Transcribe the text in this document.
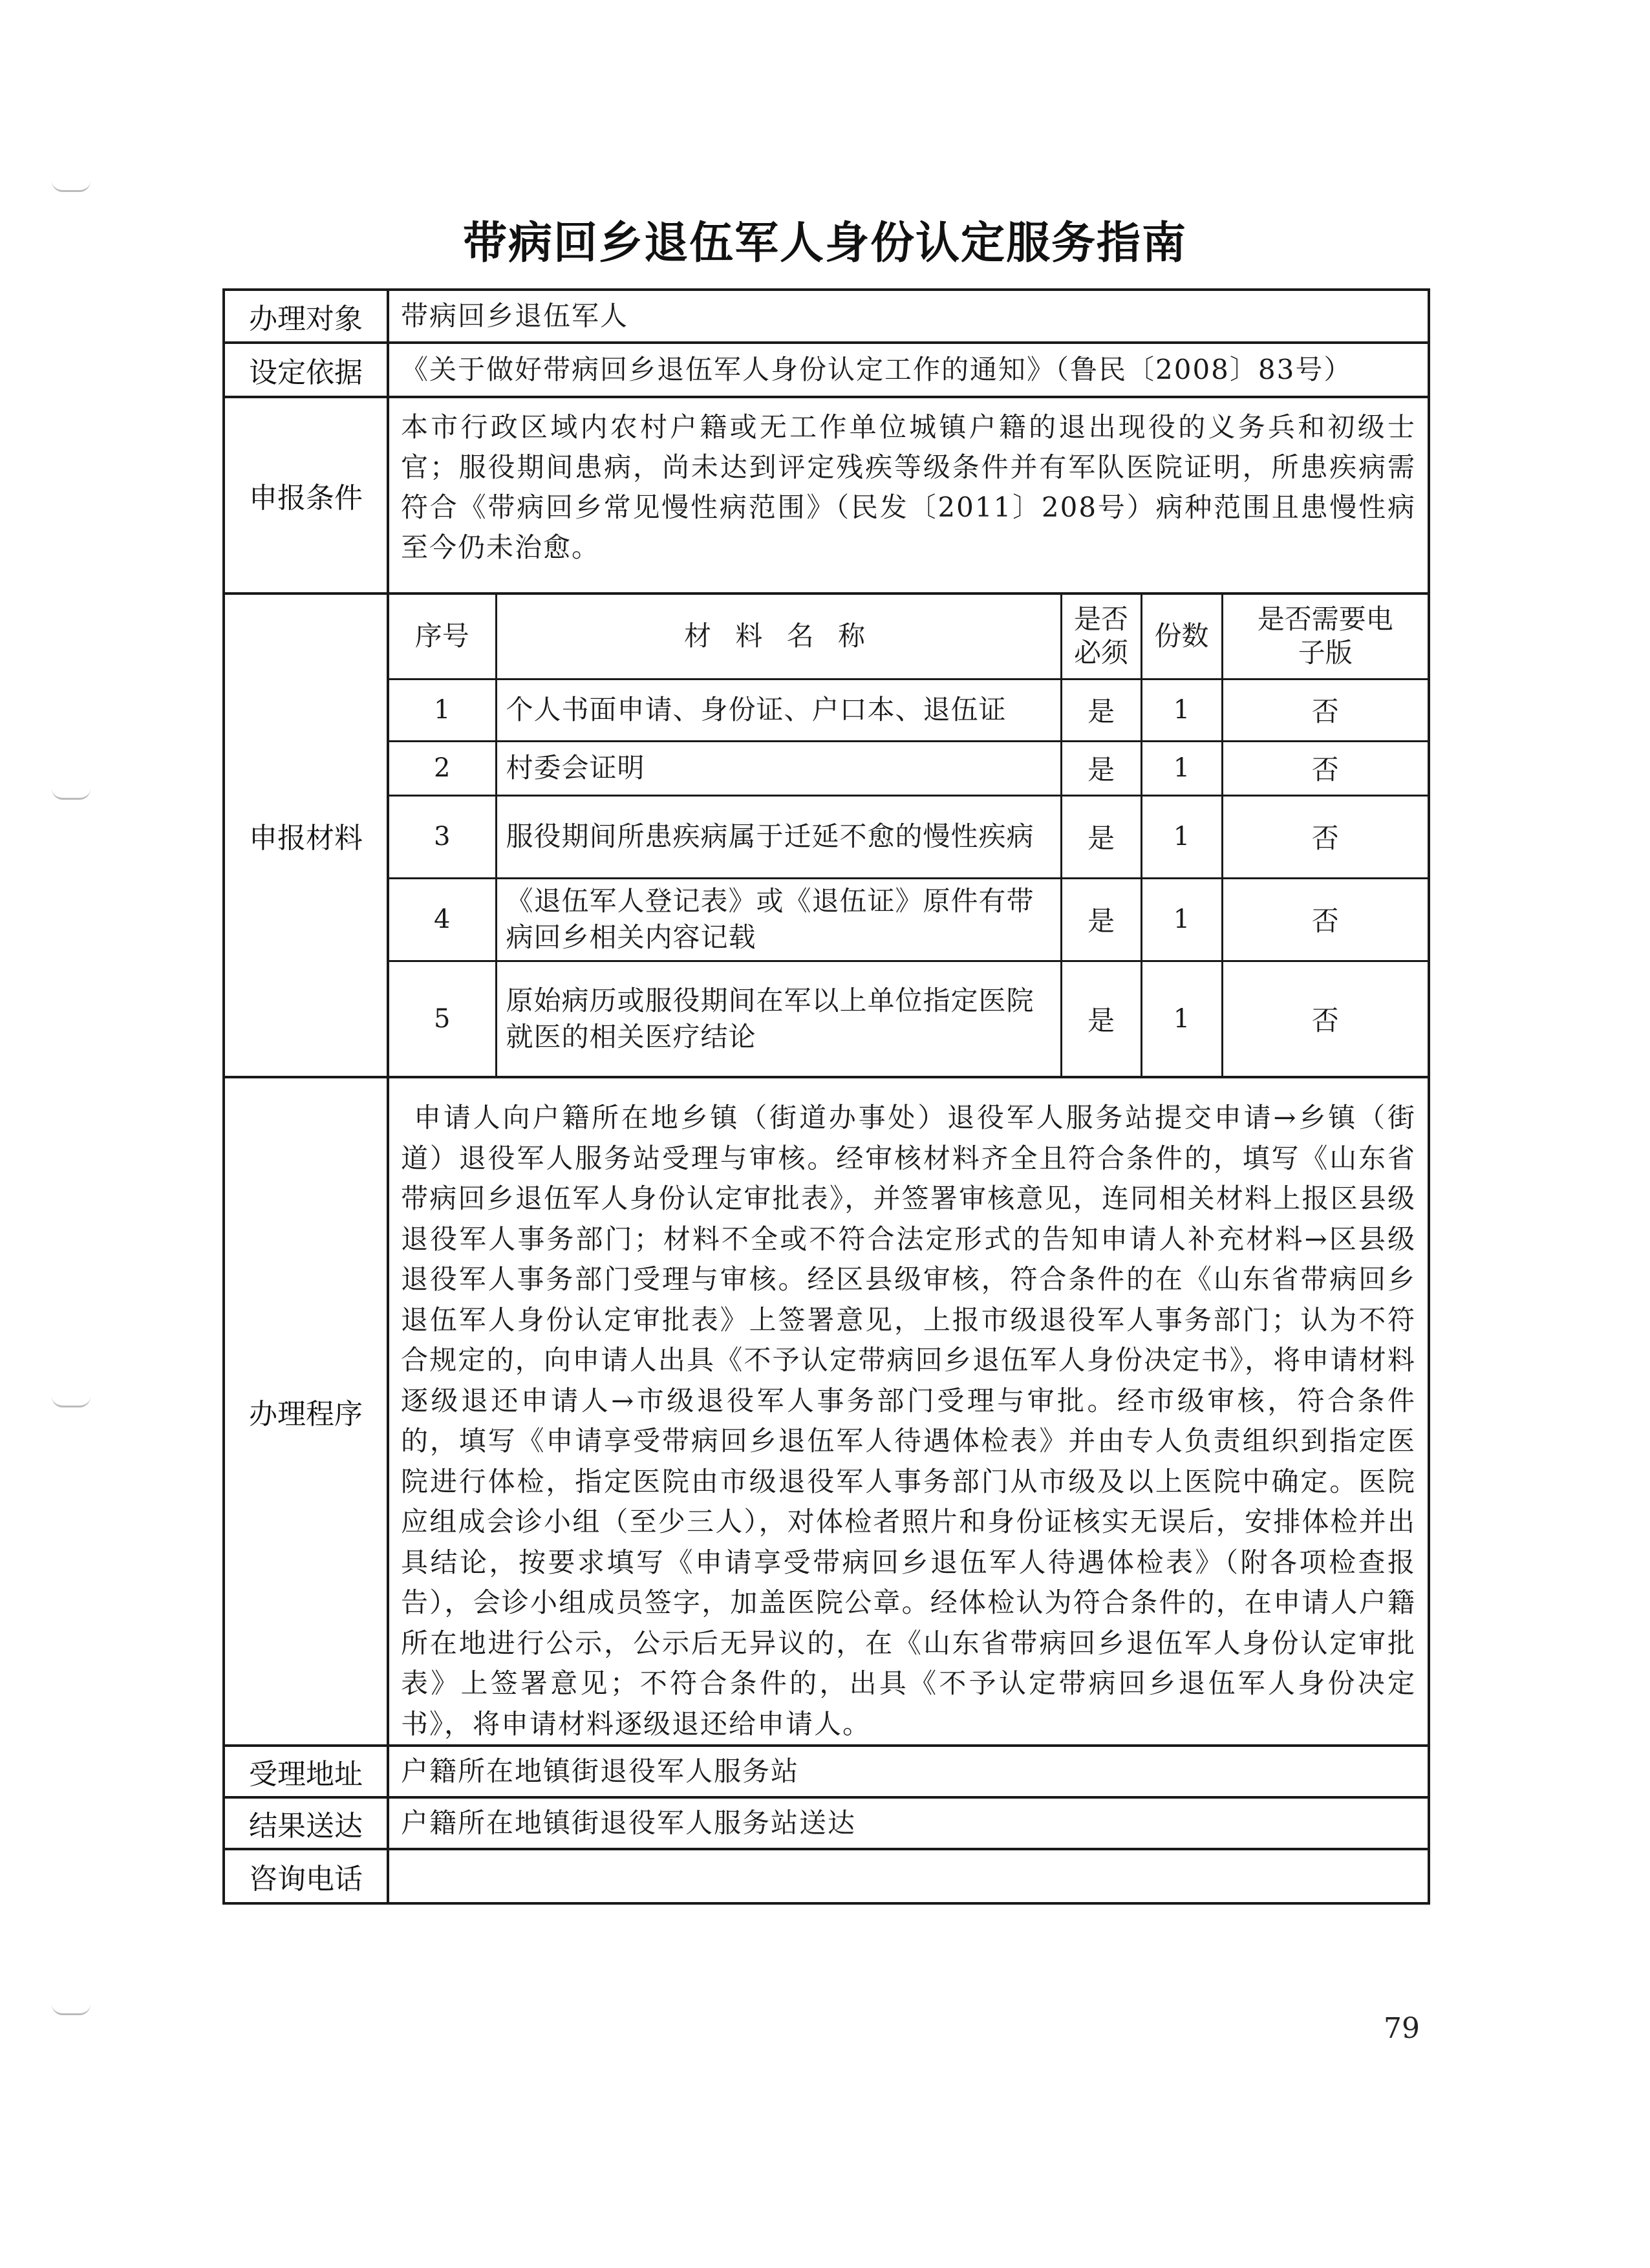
带病回乡退伍军人身份认定服务指南
办理对象	带病回乡退伍军人
设定依据	《关于做好带病回乡退伍军人身份认定工作的通知》（鲁民〔2008〕83号）
申报条件	本市行政区域内农村户籍或无工作单位城镇户籍的退出现役的义务兵和初级士官；服役期间患病，尚未达到评定残疾等级条件并有军队医院证明，所患疾病需符合《带病回乡常见慢性病范围》（民发〔2011〕208号）病种范围且患慢性病至今仍未治愈。
申报材料	
序号	材 料 名 称	是否必须	份数	是否需要电子版
1	个人书面申请、身份证、户口本、退伍证	是	1	否
2	村委会证明	是	1	否
3	服役期间所患疾病属于迁延不愈的慢性疾病	是	1	否
4	《退伍军人登记表》或《退伍证》原件有带病回乡相关内容记载	是	1	否
5	原始病历或服役期间在军以上单位指定医院就医的相关医疗结论	是	1	否

办理程序	申请人向户籍所在地乡镇（街道办事处）退役军人服务站提交申请→乡镇（街道）退役军人服务站受理与审核。经审核材料齐全且符合条件的，填写《山东省带病回乡退伍军人身份认定审批表》，并签署审核意见，连同相关材料上报区县级退役军人事务部门；材料不全或不符合法定形式的告知申请人补充材料→区县级退役军人事务部门受理与审核。经区县级审核，符合条件的在《山东省带病回乡退伍军人身份认定审批表》上签署意见，上报市级退役军人事务部门；认为不符合规定的，向申请人出具《不予认定带病回乡退伍军人身份决定书》，将申请材料逐级退还申请人→市级退役军人事务部门受理与审批。经市级审核，符合条件的，填写《申请享受带病回乡退伍军人待遇体检表》并由专人负责组织到指定医院进行体检，指定医院由市级退役军人事务部门从市级及以上医院中确定。医院应组成会诊小组（至少三人），对体检者照片和身份证核实无误后，安排体检并出具结论，按要求填写《申请享受带病回乡退伍军人待遇体检表》（附各项检查报告），会诊小组成员签字，加盖医院公章。经体检认为符合条件的，在申请人户籍所在地进行公示，公示后无异议的，在《山东省带病回乡退伍军人身份认定审批表》上签署意见；不符合条件的，出具《不予认定带病回乡退伍军人身份决定书》，将申请材料逐级退还给申请人。
受理地址	户籍所在地镇街退役军人服务站
结果送达	户籍所在地镇街退役军人服务站送达
咨询电话	
79
